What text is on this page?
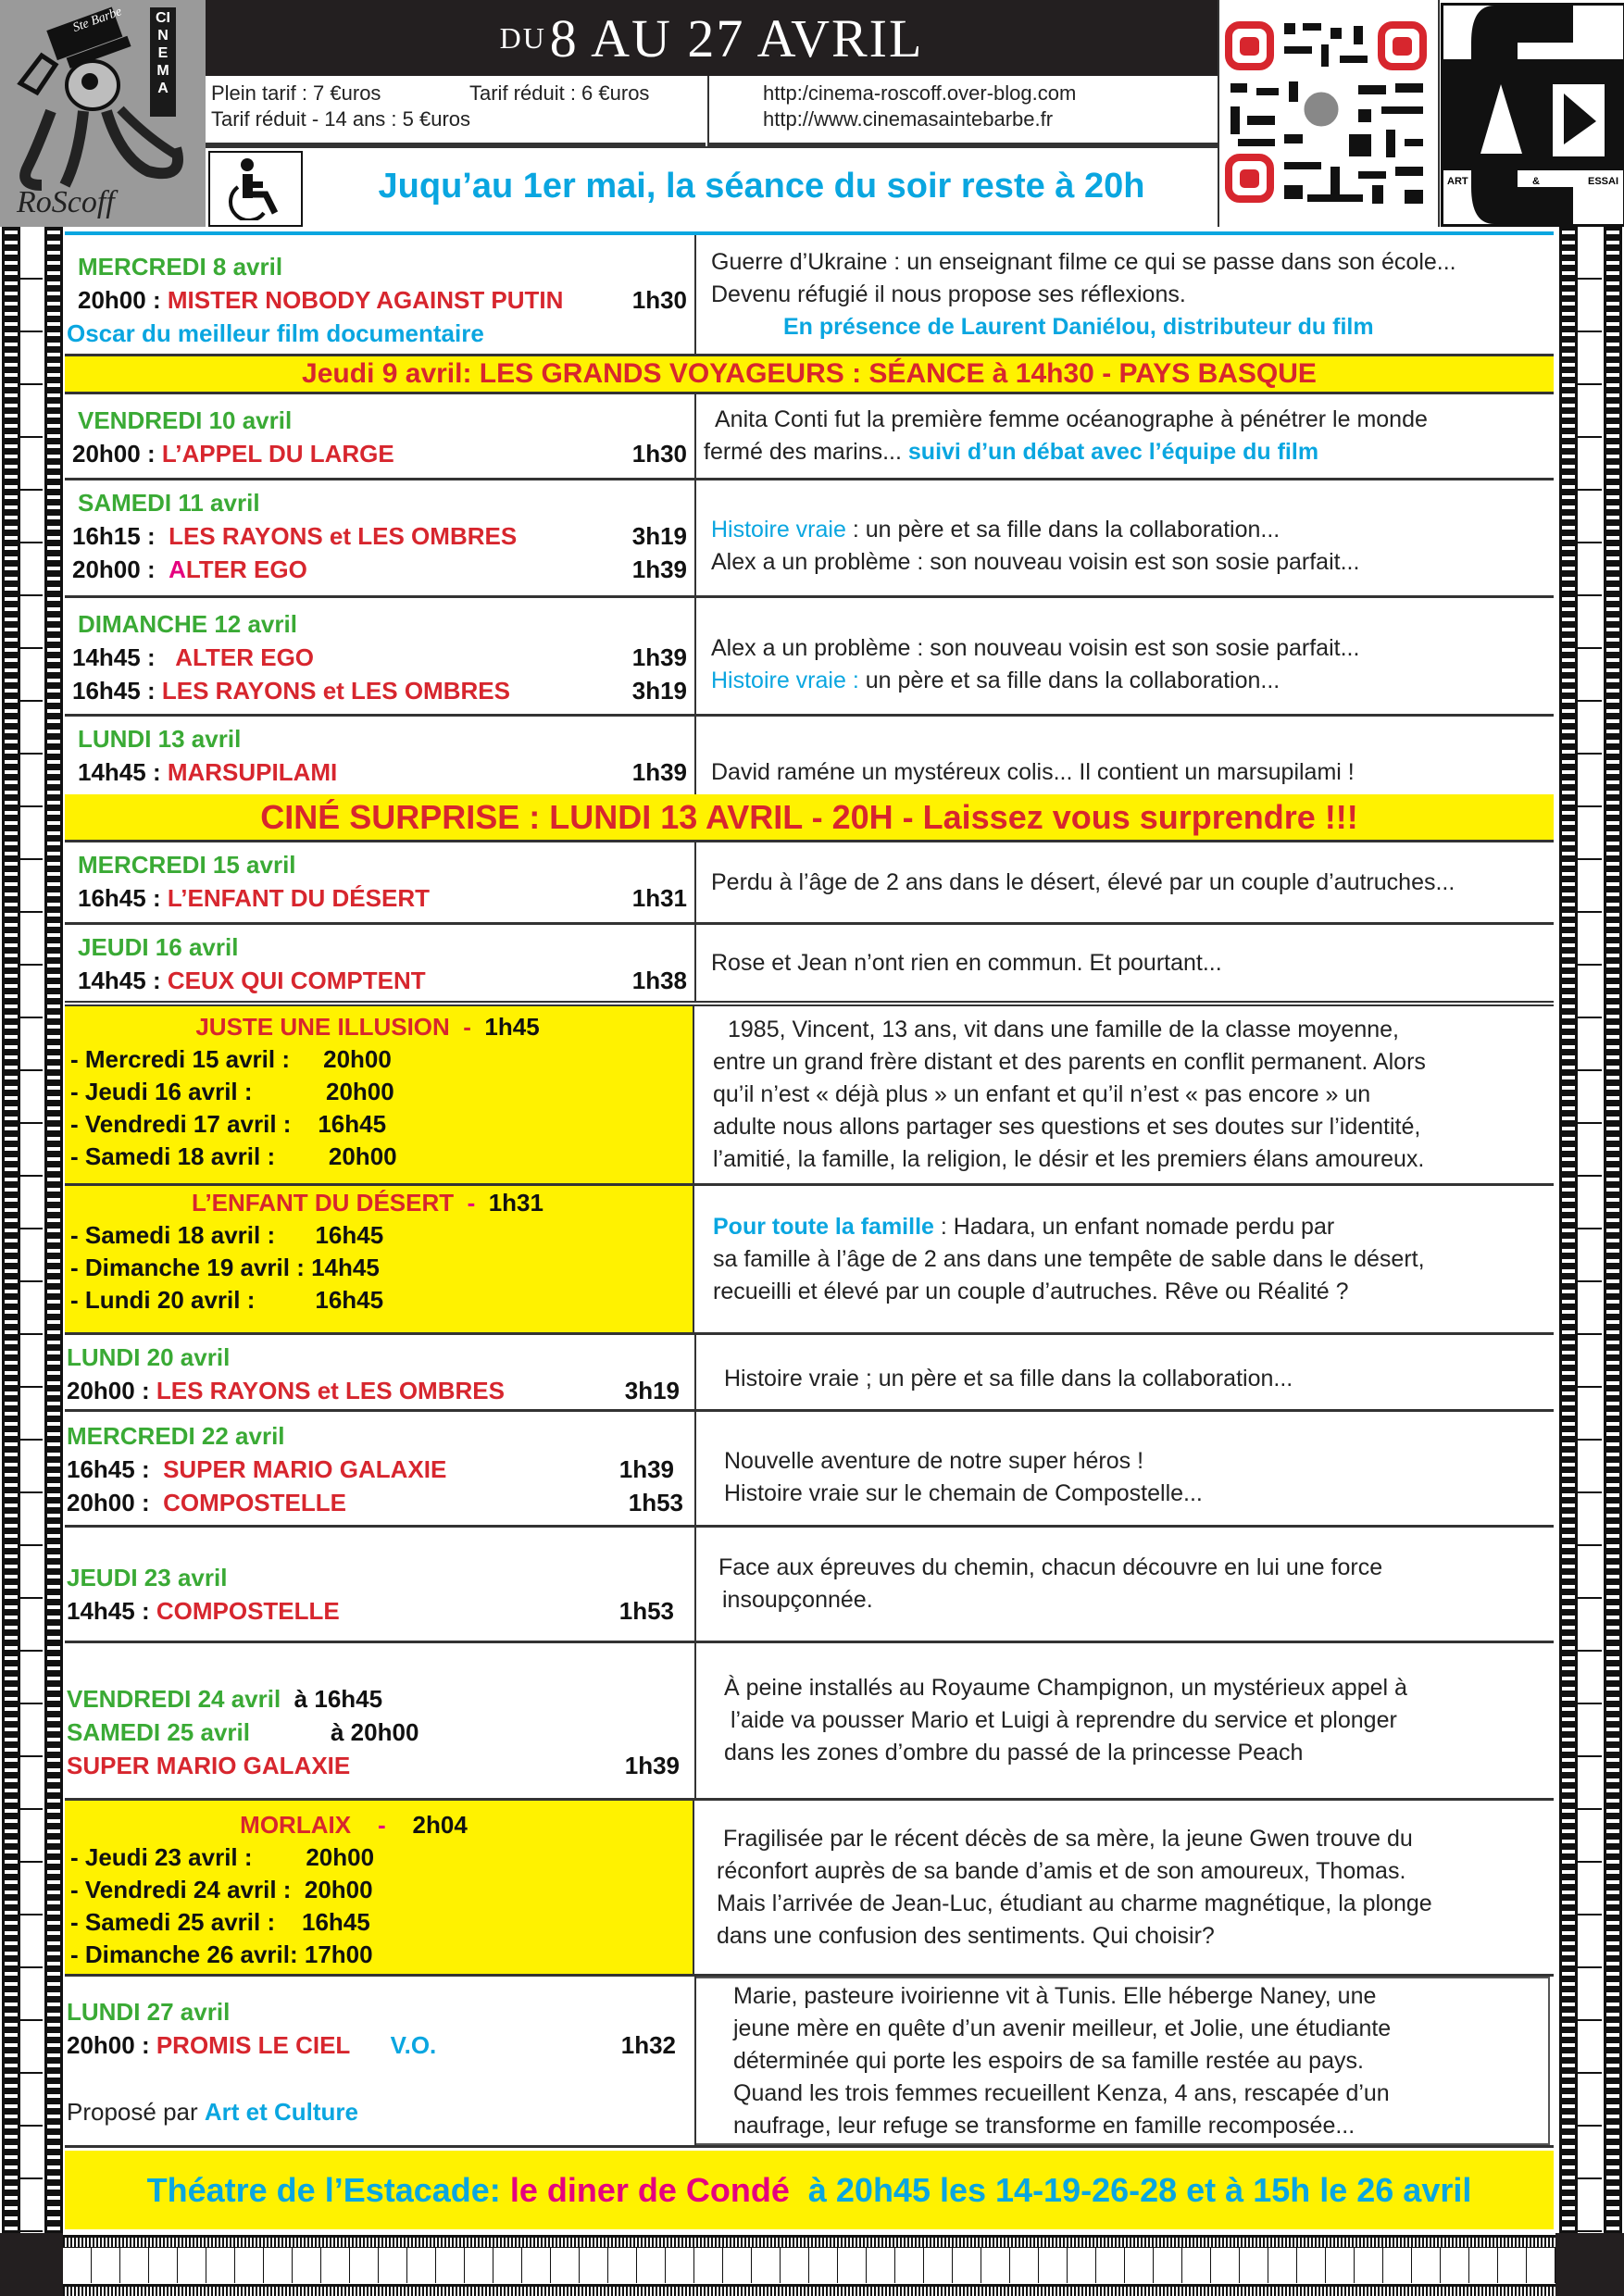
Ste Barbe CINEMA
RoScoff
DU 8 AU 27 AVRIL
Plein tarif : 7 €uros	Tarif réduit : 6 €uros
Tarif réduit - 14 ans : 5 €uros
http:/cinema-roscoff.over-blog.com
http://www.cinemasaintebarbe.fr
Juqu’au 1er mai, la séance du soir reste à 20h	ART	&	ESSAI
MERCREDI 8 avril
20h00 : MISTER NOBODY AGAINST PUTIN	1h30
Oscar du meilleur film documentaire
Guerre d’Ukraine : un enseignant filme ce qui se passe dans son école...
Devenu réfugié il nous propose ses réflexions.
En présence de Laurent Daniélou, distributeur du film
Jeudi 9 avril: LES GRANDS VOYAGEURS : SÉANCE à 14h30 - PAYS BASQUE
VENDREDI 10 avril
20h00 : L’APPEL DU LARGE	1h30
Anita Conti fut la première femme océanographe à pénétrer le monde
fermé des marins... suivi d’un débat avec l’équipe du film
SAMEDI 11 avril
16h15 : LES RAYONS et LES OMBRES	3h19
20h00 : ALTER EGO	1h39
Histoire vraie : un père et sa fille dans la collaboration...
Alex a un problème : son nouveau voisin est son sosie parfait...
DIMANCHE 12 avril
14h45 : ALTER EGO	1h39
16h45 : LES RAYONS et LES OMBRES	3h19
Alex a un problème : son nouveau voisin est son sosie parfait...
Histoire vraie : un père et sa fille dans la collaboration...
LUNDI 13 avril
14h45 : MARSUPILAMI	1h39 David raméne un mystéreux colis... Il contient un marsupilami !
CINÉ SURPRISE : LUNDI 13 AVRIL - 20H - Laissez vous surprendre !!!
MERCREDI 15 avril
16h45 : L’ENFANT DU DÉSERT	1h31
Perdu à l’âge de 2 ans dans le désert, élevé par un couple d’autruches...
JEUDI 16 avril
14h45 : CEUX QUI COMPTENT	1h38
Rose et Jean n’ont rien en commun. Et pourtant...
JUSTE UNE ILLUSION - 1h45
- Mercredi 15 avril :     20h00
- Jeudi 16 avril :           20h00
- Vendredi 17 avril :    16h45
- Samedi 18 avril :        20h00
1985, Vincent, 13 ans, vit dans une famille de la classe moyenne,
entre un grand frère distant et des parents en conflit permanent. Alors
qu’il n’est « déjà plus » un enfant et qu’il n’est « pas encore » un
adulte nous allons partager ses questions et ses doutes sur l’identité,
l’amitié, la famille, la religion, le désir et les premiers élans amoureux.
L’ENFANT DU DÉSERT - 1h31
- Samedi 18 avril :      16h45
- Dimanche 19 avril : 14h45
- Lundi 20 avril :         16h45
Pour toute la famille : Hadara, un enfant nomade perdu par
sa famille à l’âge de 2 ans dans une tempête de sable dans le désert,
recueilli et élevé par un couple d’autruches. Rêve ou Réalité ?
LUNDI 20 avril
20h00 : LES RAYONS et LES OMBRES	3h19 Histoire vraie ; un père et sa fille dans la collaboration...
MERCREDI 22 avril
16h45 : SUPER MARIO GALAXIE	1h39
20h00 : COMPOSTELLE	1h53
Nouvelle aventure de notre super héros !
Histoire vraie sur le chemain de Compostelle...
JEUDI 23 avril
14h45 : COMPOSTELLE	1h53
Face aux épreuves du chemin, chacun découvre en lui une force
insoupçonnée.
VENDREDI 24 avril à 16h45
SAMEDI 25 avril	à 20h00
SUPER MARIO GALAXIE	1h39
À peine installés au Royaume Champignon, un mystérieux appel à
l’aide va pousser Mario et Luigi à reprendre du service et plonger
dans les zones d’ombre du passé de la princesse Peach
MORLAIX - 2h04
- Jeudi 23 avril :        20h00
- Vendredi 24 avril :  20h00
- Samedi 25 avril :    16h45
- Dimanche 26 avril: 17h00
Fragilisée par le récent décès de sa mère, la jeune Gwen trouve du
réconfort auprès de sa bande d’amis et de son amoureux, Thomas.
Mais l’arrivée de Jean-Luc, étudiant au charme magnétique, la plonge
dans une confusion des sentiments. Qui choisir?
LUNDI 27 avril
20h00 : PROMIS LE CIEL V.O.	1h32
Proposé par Art et Culture
Marie, pasteure ivoirienne vit à Tunis. Elle héberge Naney, une
jeune mère en quête d’un avenir meilleur, et Jolie, une étudiante
déterminée qui porte les espoirs de sa famille restée au pays.
Quand les trois femmes recueillent Kenza, 4 ans, rescapée d’un
naufrage, leur refuge se transforme en famille recomposée...
Théatre de l’Estacade:
le diner de Condé
à 20h45 les 14-19-26-28 et à 15h le 26 avril
